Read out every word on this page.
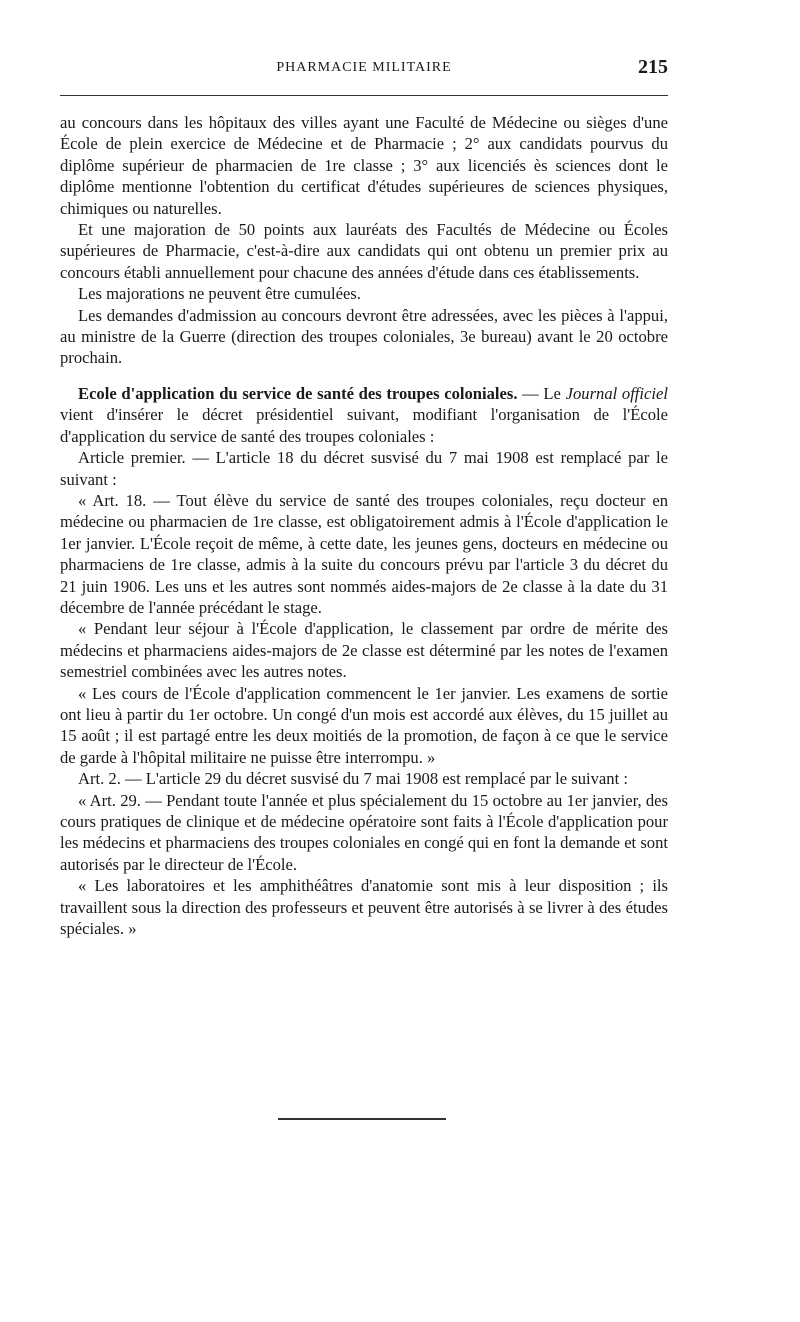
PHARMACIE MILITAIRE	215

au concours dans les hôpitaux des villes ayant une Faculté de Médecine ou sièges d'une École de plein exercice de Médecine et de Pharmacie ; 2° aux candidats pourvus du diplôme supérieur de pharmacien de 1re classe ; 3° aux licenciés ès sciences dont le diplôme mentionne l'obtention du certificat d'études supérieures de sciences physiques, chimiques ou naturelles.

Et une majoration de 50 points aux lauréats des Facultés de Médecine ou Écoles supérieures de Pharmacie, c'est-à-dire aux candidats qui ont obtenu un premier prix au concours établi annuellement pour chacune des années d'étude dans ces établissements.

Les majorations ne peuvent être cumulées.

Les demandes d'admission au concours devront être adressées, avec les pièces à l'appui, au ministre de la Guerre (direction des troupes coloniales, 3e bureau) avant le 20 octobre prochain.

Ecole d'application du service de santé des troupes coloniales. — Le Journal officiel vient d'insérer le décret présidentiel suivant, modifiant l'organisation de l'École d'application du service de santé des troupes coloniales :

Article premier. — L'article 18 du décret susvisé du 7 mai 1908 est remplacé par le suivant :

« Art. 18. — Tout élève du service de santé des troupes coloniales, reçu docteur en médecine ou pharmacien de 1re classe, est obligatoirement admis à l'École d'application le 1er janvier. L'École reçoit de même, à cette date, les jeunes gens, docteurs en médecine ou pharmaciens de 1re classe, admis à la suite du concours prévu par l'article 3 du décret du 21 juin 1906. Les uns et les autres sont nommés aides-majors de 2e classe à la date du 31 décembre de l'année précédant le stage.

« Pendant leur séjour à l'École d'application, le classement par ordre de mérite des médecins et pharmaciens aides-majors de 2e classe est déterminé par les notes de l'examen semestriel combinées avec les autres notes.

« Les cours de l'École d'application commencent le 1er janvier. Les examens de sortie ont lieu à partir du 1er octobre. Un congé d'un mois est accordé aux élèves, du 15 juillet au 15 août ; il est partagé entre les deux moitiés de la promotion, de façon à ce que le service de garde à l'hôpital militaire ne puisse être interrompu. »

Art. 2. — L'article 29 du décret susvisé du 7 mai 1908 est remplacé par le suivant :

« Art. 29. — Pendant toute l'année et plus spécialement du 15 octobre au 1er janvier, des cours pratiques de clinique et de médecine opératoire sont faits à l'École d'application pour les médecins et pharmaciens des troupes coloniales en congé qui en font la demande et sont autorisés par le directeur de l'École.

« Les laboratoires et les amphithéâtres d'anatomie sont mis à leur disposition ; ils travaillent sous la direction des professeurs et peuvent être autorisés à se livrer à des études spéciales. »
